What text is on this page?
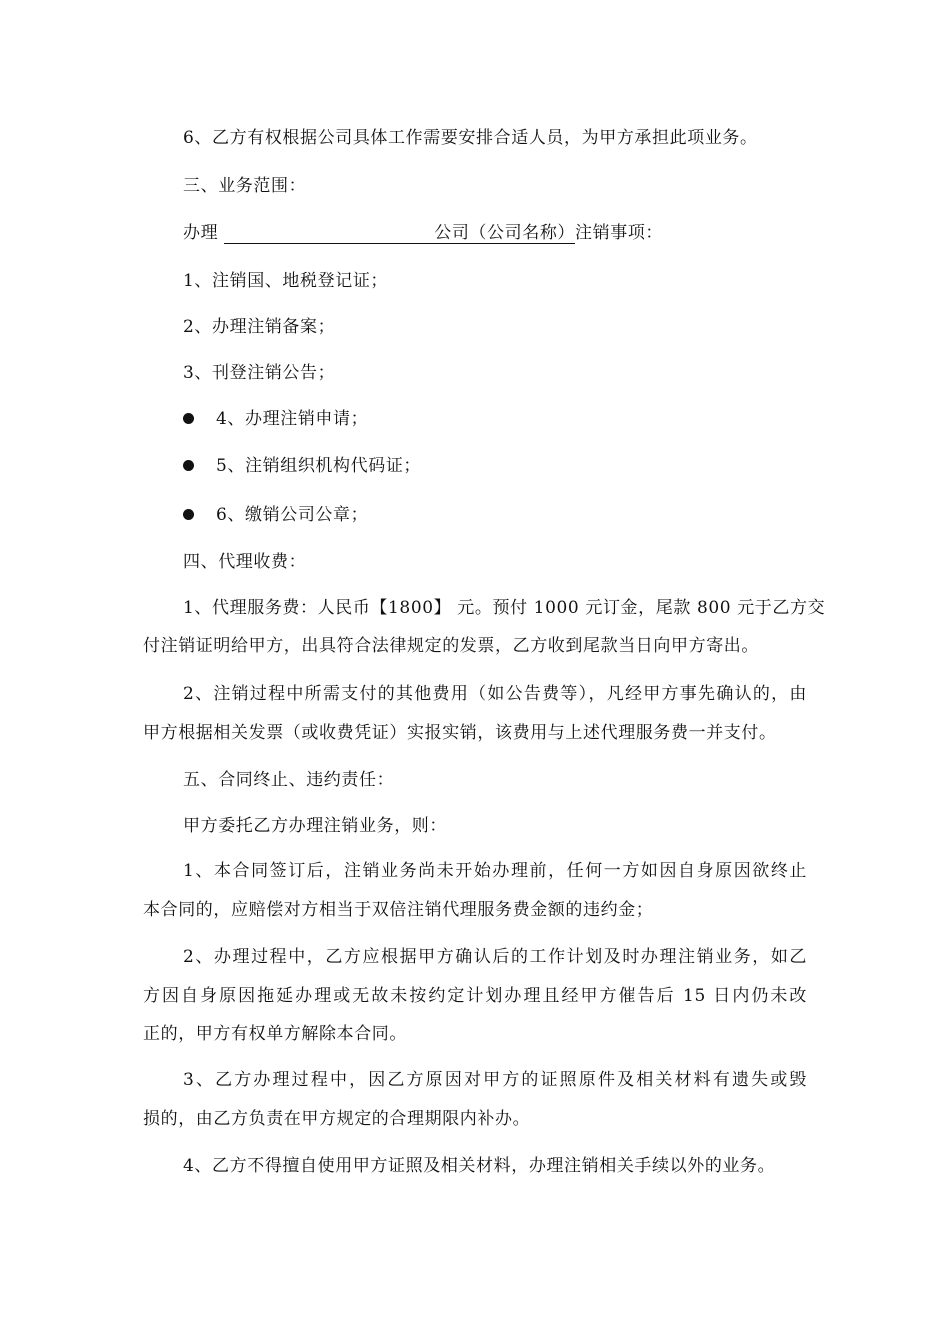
6、乙方有权根据公司具体工作需要安排合适人员，为甲方承担此项业务。
三、业务范围：
办理	公司（公司名称）注销事项：
1、注销国、地税登记证；
2、办理注销备案；
3、刊登注销公告；
4、办理注销申请；
5、注销组织机构代码证；
6、缴销公司公章；
四、代理收费：
1、代理服务费：人民币【1800】 元。预付 1000 元订金，尾款 800 元于乙方交
付注销证明给甲方，出具符合法律规定的发票，乙方收到尾款当日向甲方寄出。
2、注销过程中所需支付的其他费用（如公告费等），凡经甲方事先确认的，由
甲方根据相关发票（或收费凭证）实报实销，该费用与上述代理服务费一并支付。
五、合同终止、违约责任：
甲方委托乙方办理注销业务，则：
1、本合同签订后，注销业务尚未开始办理前，任何一方如因自身原因欲终止
本合同的，应赔偿对方相当于双倍注销代理服务费金额的违约金；
2、办理过程中，乙方应根据甲方确认后的工作计划及时办理注销业务，如乙
方因自身原因拖延办理或无故未按约定计划办理且经甲方催告后 15 日内仍未改
正的，甲方有权单方解除本合同。
3、乙方办理过程中，因乙方原因对甲方的证照原件及相关材料有遗失或毁
损的，由乙方负责在甲方规定的合理期限内补办。
4、乙方不得擅自使用甲方证照及相关材料，办理注销相关手续以外的业务。
